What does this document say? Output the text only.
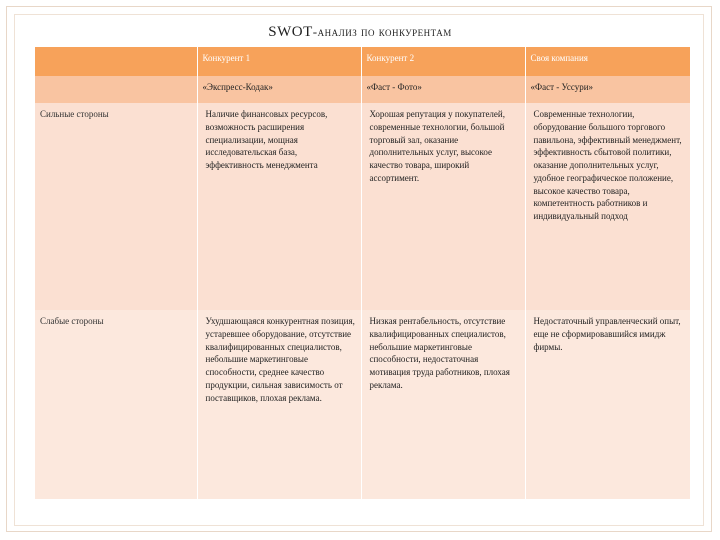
SWOT-анализ по конкурентам
	Конкурент 1	Конкурент 2	Своя компания
	«Экспресс-Кодак»	«Фаст - Фото»	«Фаст - Уссури»
Сильные стороны	Наличие финансовых ресурсов, возможность расширения специализации, мощная исследовательская база, эффективность менеджмента	Хорошая репутация у покупателей, современные технологии, большой торговый зал, оказание дополнительных услуг, высокое качество товара, широкий ассортимент.	Современные технологии, оборудование большого торгового павильона, эффективный менеджмент, эффективность сбытовой политики, оказание дополнительных услуг, удобное географическое положение, высокое качество товара, компетентность работников и индивидуальный подход
Слабые стороны	Ухудшающаяся конкурентная позиция, устаревшее оборудование, отсутствие квалифицированных специалистов, небольшие маркетинговые способности, среднее качество продукции, сильная зависимость от поставщиков, плохая реклама.	Низкая рентабельность, отсутствие квалифицированных специалистов, небольшие маркетинговые способности, недостаточная мотивация труда работников, плохая реклама.	Недостаточный управленческий опыт, еще не сформировавшийся имидж фирмы.
